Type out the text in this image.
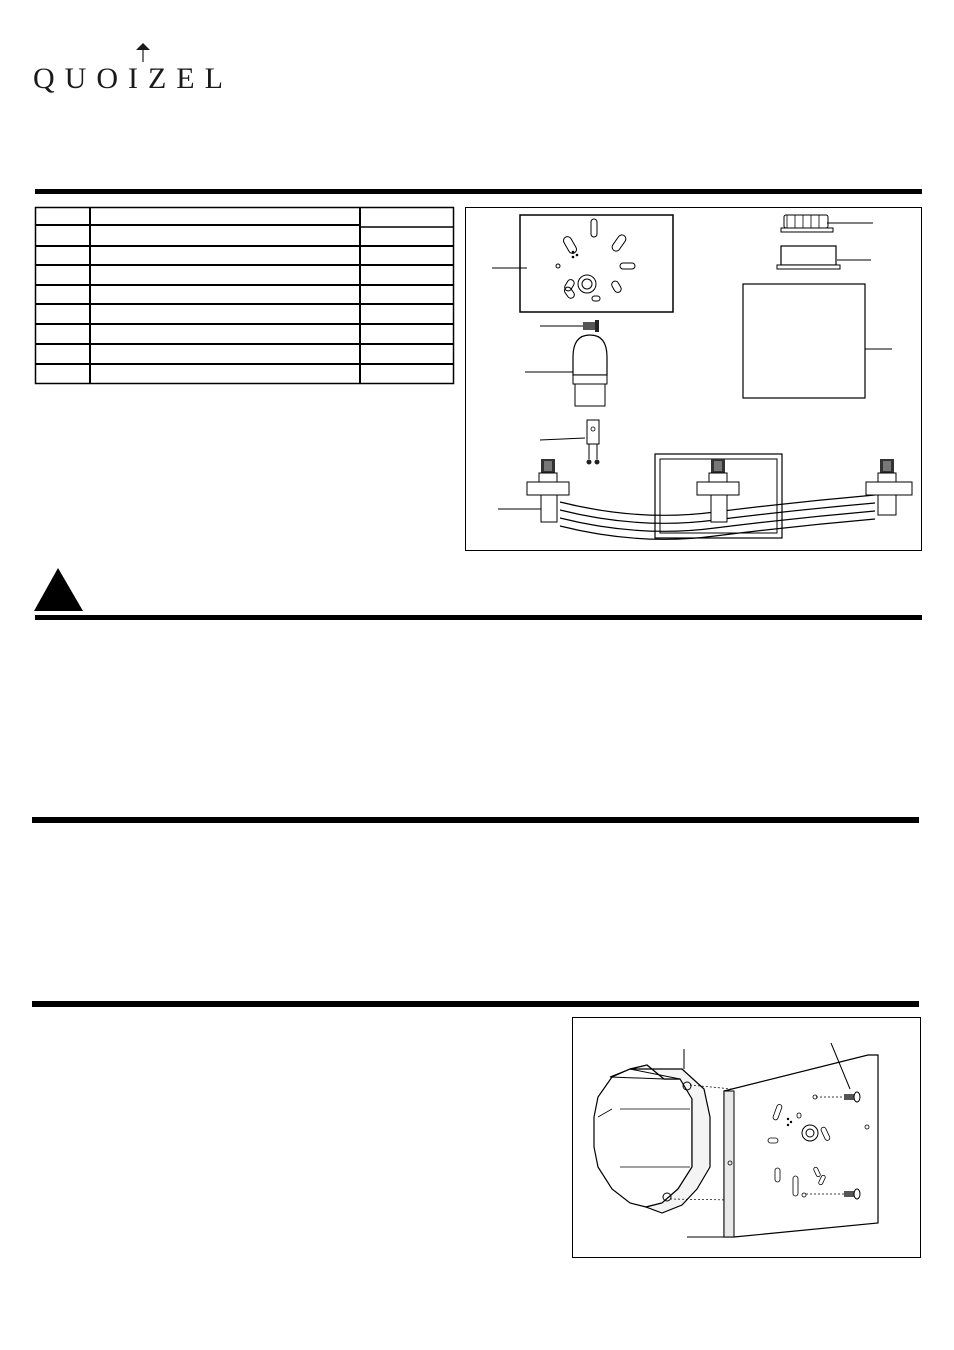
QUOIZEL
